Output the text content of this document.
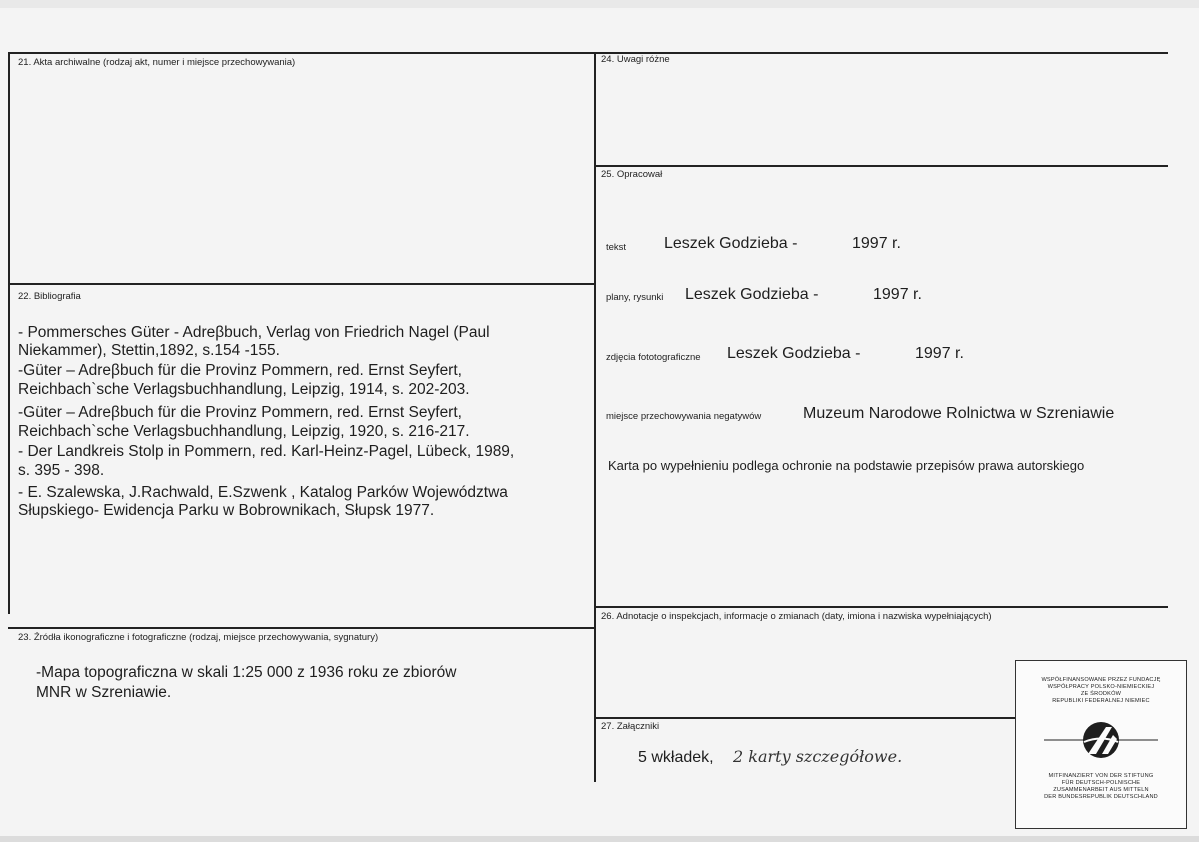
21. Akta archiwalne (rodzaj akt, numer i miejsce przechowywania)
22. Bibliografia
- Pommersches Güter - Adreβbuch, Verlag von Friedrich Nagel (Paul
Niekammer), Stettin,1892, s.154 -155.
-Güter – Adreβbuch für die Provinz Pommern, red. Ernst Seyfert,
Reichbach`sche Verlagsbuchhandlung, Leipzig, 1914, s. 202-203.
-Güter – Adreβbuch für die Provinz Pommern, red. Ernst Seyfert,
Reichbach`sche Verlagsbuchhandlung, Leipzig, 1920, s. 216-217.
- Der Landkreis Stolp in Pommern, red. Karl-Heinz-Pagel, Lübeck, 1989,
s. 395 - 398.
- E. Szalewska, J.Rachwald, E.Szwenk , Katalog Parków Województwa
Słupskiego- Ewidencja Parku w Bobrownikach, Słupsk 1977.
23. Źródła ikonograficzne i fotograficzne (rodzaj, miejsce przechowywania, sygnatury)
-Mapa topograficzna w skali 1:25 000 z 1936 roku ze zbiorów
MNR w Szreniawie.
24. Uwagi różne
25. Opracował
tekst Leszek Godzieba -	1997 r.
plany, rysunki Leszek Godzieba -	1997 r.
zdjęcia fototograficzne Leszek Godzieba -	1997 r.
miejsce przechowywania negatywów	Muzeum Narodowe Rolnictwa w Szreniawie
Karta po wypełnieniu podlega ochronie na podstawie przepisów prawa autorskiego
26. Adnotacje o inspekcjach, informacje o zmianach (daty, imiona i nazwiska wypełniających)
27. Załączniki
5 wkładek, 2 karty szczegółowe.
WSPÓŁFINANSOWANE PRZEZ FUNDACJĘ
WSPÓŁPRACY POLSKO-NIEMIECKIEJ
ZE ŚRODKÓW
REPUBLIKI FEDERALNEJ NIEMIEC
MITFINANZIERT VON DER STIFTUNG
FÜR DEUTSCH-POLNISCHE
ZUSAMMENARBEIT AUS MITTELN
DER BUNDESREPUBLIK DEUTSCHLAND
